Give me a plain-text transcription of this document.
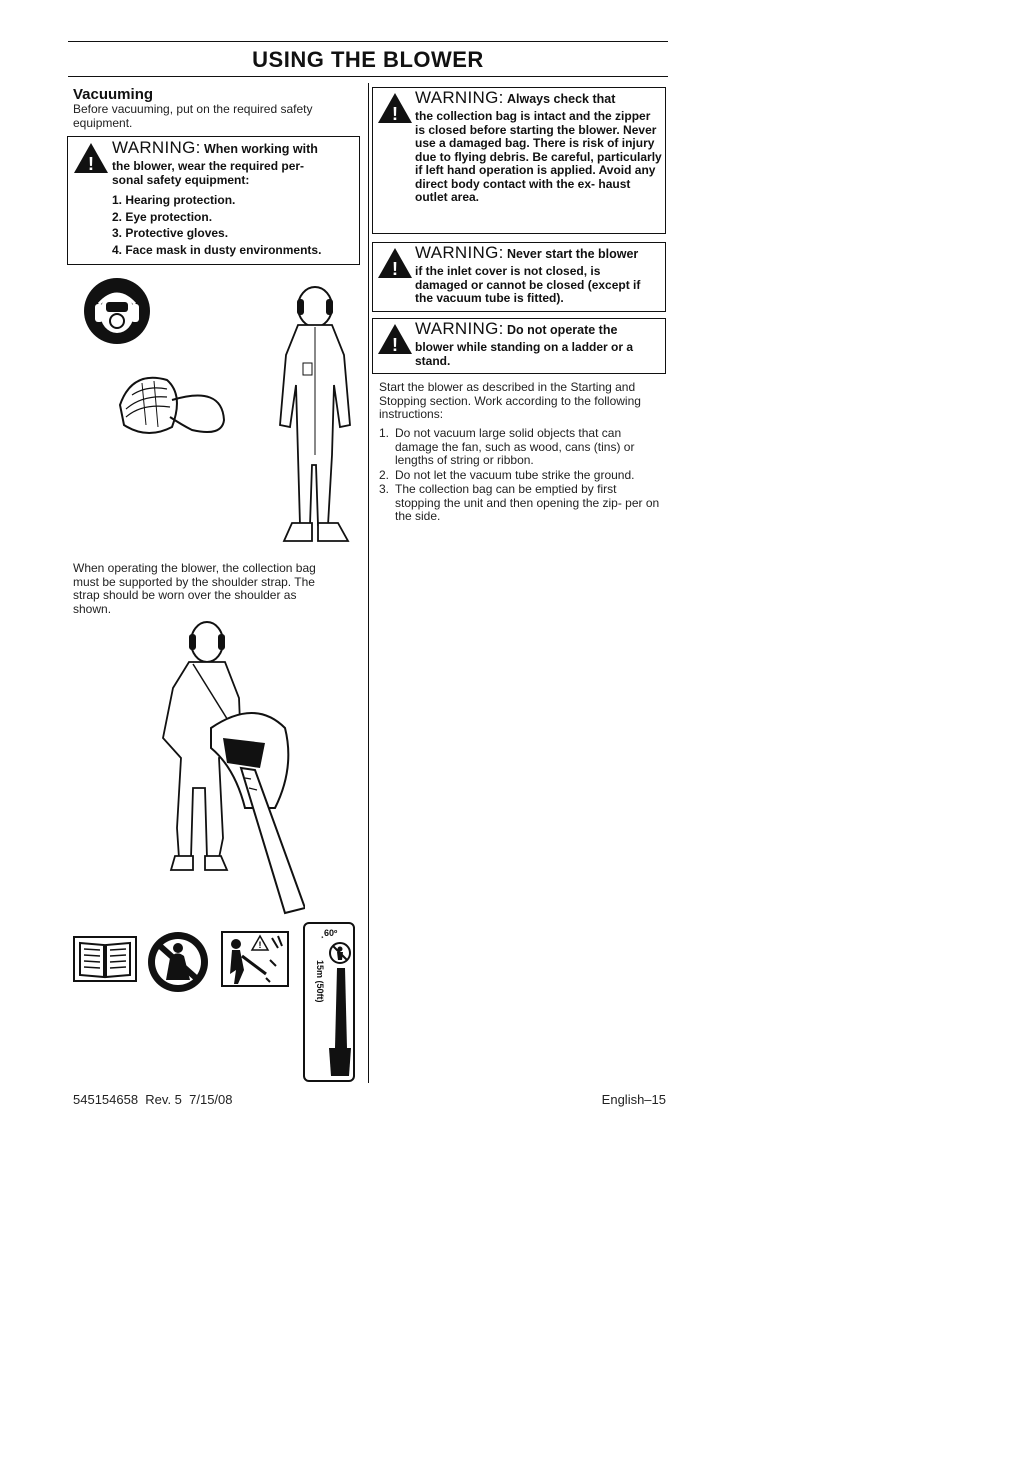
USING THE BLOWER
Vacuuming
Before vacuuming, put on the required safety equipment.
!
WARNING: When working with
the blower, wear the required per-
sonal safety equipment:
1. Hearing protection.
2. Eye protection.
3. Protective gloves.
4. Face mask in dusty environments.
When operating the blower, the collection bag must be supported by the shoulder strap. The strap should be worn over the shoulder as shown.
!
¸60º
15m (50ft)
!
WARNING: Always check that
the collection bag is intact and the zipper is closed before starting the blower. Never use a damaged bag. There is risk of injury due to flying debris. Be careful, particularly if left hand operation is applied. Avoid any direct body contact with the ex- haust outlet area.
!
WARNING: Never start the blower
if the inlet cover is not closed, is damaged or cannot be closed (except if the vacuum tube is fitted).
!
WARNING: Do not operate the
blower while standing on a ladder or a stand.
Start the blower as described in the Starting and Stopping section. Work according to the following instructions:
1. Do not vacuum large solid objects that can damage the fan, such as wood, cans (tins) or lengths of string or ribbon.
2. Do not let the vacuum tube strike the ground.
3. The collection bag can be emptied by first stopping the unit and then opening the zip- per on the side.
545154658  Rev. 5  7/15/08	English–15
